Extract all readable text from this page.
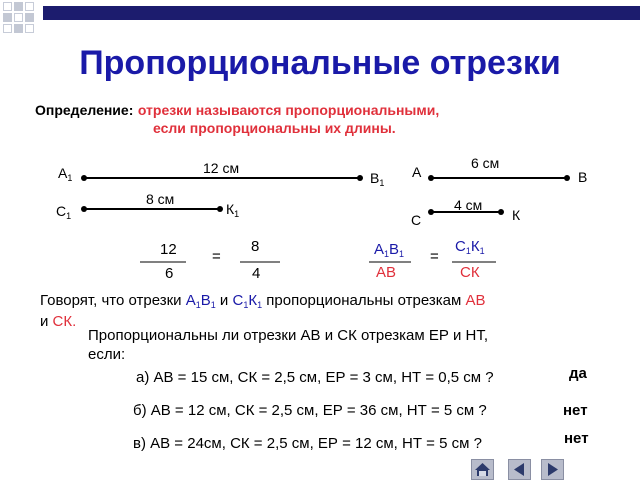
Пропорциональные отрезки
Определение: отрезки называются пропорциональными,
если пропорциональны их длины.
$А_1$
12 см
$В_1$
$С_1$
8 см
$К_1$
А
6 см
В
С
4 см
К
12
6
=
8
4
$А_1В_1$
АВ
=
$С_1К_1$
СК
Говорят, что отрезки $А_1В_1$ и $С_1К_1$ пропорциональны отрезкам АВ
и СК.
Пропорциональны ли отрезки АВ и СК отрезкам ЕР и НТ,
если:
а) АВ = 15 см, СК = 2,5 см, ЕР = 3 см, НТ = 0,5 см ?	да
б) АВ = 12 см, СК = 2,5 см, ЕР = 36 см, НТ = 5 см ?	нет
в) АВ = 24см, СК = 2,5 см, ЕР = 12 см, НТ = 5 см ?	нет
